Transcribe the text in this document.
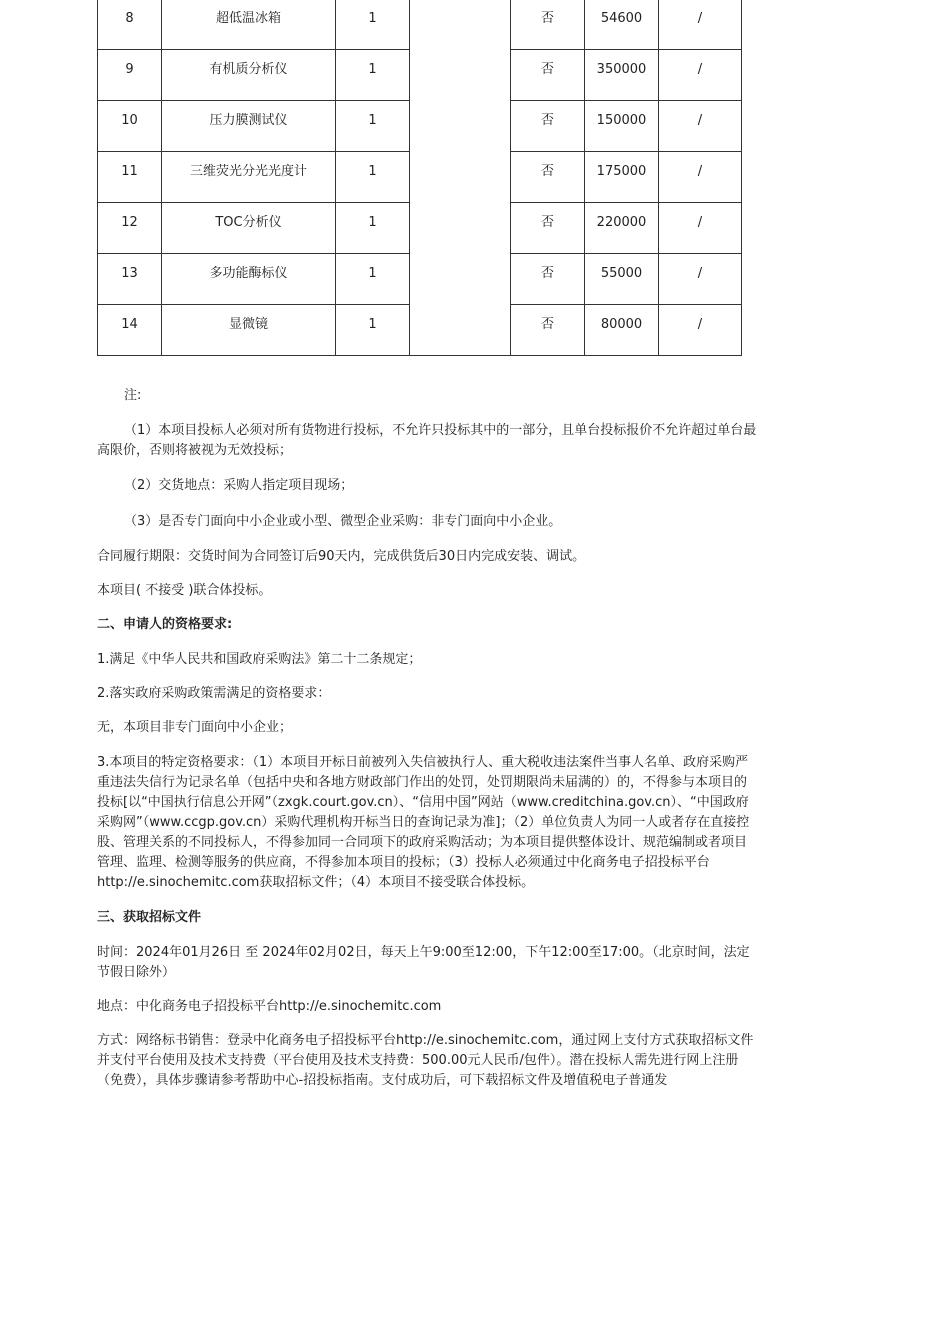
8	超低温冰箱	1		否	54600	/

9	有机质分析仪	1		否	350000	/

10	压力膜测试仪	1		否	150000	/

11	三维荧光分光光度计	1		否	175000	/

12	TOC分析仪	1		否	220000	/

13	多功能酶标仪	1		否	55000	/

14	显微镜	1		否	80000	/

注:

（1）本项目投标人必须对所有货物进行投标，不允许只投标其中的一部分，且单台投标报价不允许超过单台最高限价，否则将被视为无效投标；

（2）交货地点：采购人指定项目现场；

（3）是否专门面向中小企业或小型、微型企业采购：非专门面向中小企业。

合同履行期限：交货时间为合同签订后90天内，完成供货后30日内完成安装、调试。

本项目( 不接受 )联合体投标。

二、申请人的资格要求:

1.满足《中华人民共和国政府采购法》第二十二条规定；

2.落实政府采购政策需满足的资格要求：

无，本项目非专门面向中小企业；

3.本项目的特定资格要求：（1）本项目开标日前被列入失信被执行人、重大税收违法案件当事人名单、政府采购严重违法失信行为记录名单（包括中央和各地方财政部门作出的处罚，处罚期限尚未届满的）的，不得参与本项目的投标[以“中国执行信息公开网”（zxgk.court.gov.cn）、“信用中国”网站（www.creditchina.gov.cn）、“中国政府采购网”（www.ccgp.gov.cn）采购代理机构开标当日的查询记录为准]；（2）单位负责人为同一人或者存在直接控股、管理关系的不同投标人，不得参加同一合同项下的政府采购活动；为本项目提供整体设计、规范编制或者项目管理、监理、检测等服务的供应商，不得参加本项目的投标；（3）投标人必须通过中化商务电子招投标平台http://e.sinochemitc.com获取招标文件；（4）本项目不接受联合体投标。

三、获取招标文件

时间：2024年01月26日 至 2024年02月02日，每天上午9:00至12:00，下午12:00至17:00。（北京时间，法定节假日除外）

地点：中化商务电子招投标平台http://e.sinochemitc.com

方式：网络标书销售：登录中化商务电子招投标平台http://e.sinochemitc.com，通过网上支付方式获取招标文件并支付平台使用及技术支持费（平台使用及技术支持费：500.00元人民币/包件）。潜在投标人需先进行网上注册（免费），具体步骤请参考帮助中心-招投标指南。支付成功后，可下载招标文件及增值税电子普通发
